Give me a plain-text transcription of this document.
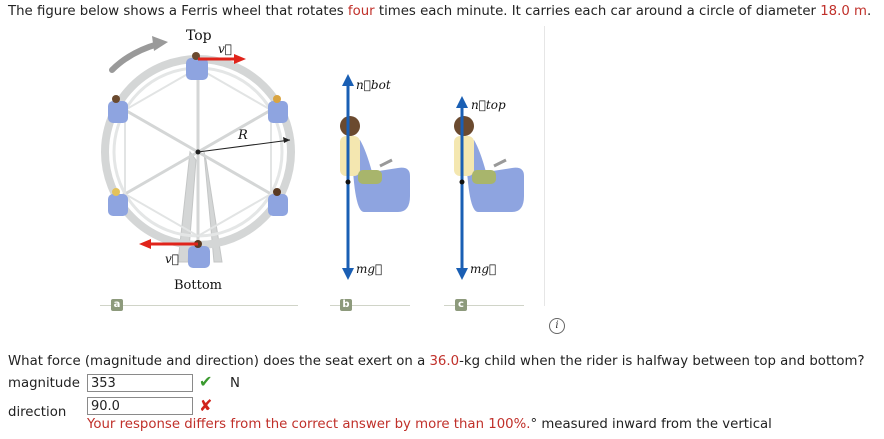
The figure below shows a Ferris wheel that rotates four times each minute. It carries each car around a circle of diameter 18.0 m.
Top
Bottom
R
v⃗
v⃗
n⃗bot
mg⃗
n⃗top
mg⃗
a	b	c
i
What force (magnitude and direction) does the seat exert on a 36.0-kg child when the rider is halfway between top and bottom?
magnitude 353	✔ N
direction	90.0	✘
Your response differs from the correct answer by more than 100%.° measured inward from the vertical
